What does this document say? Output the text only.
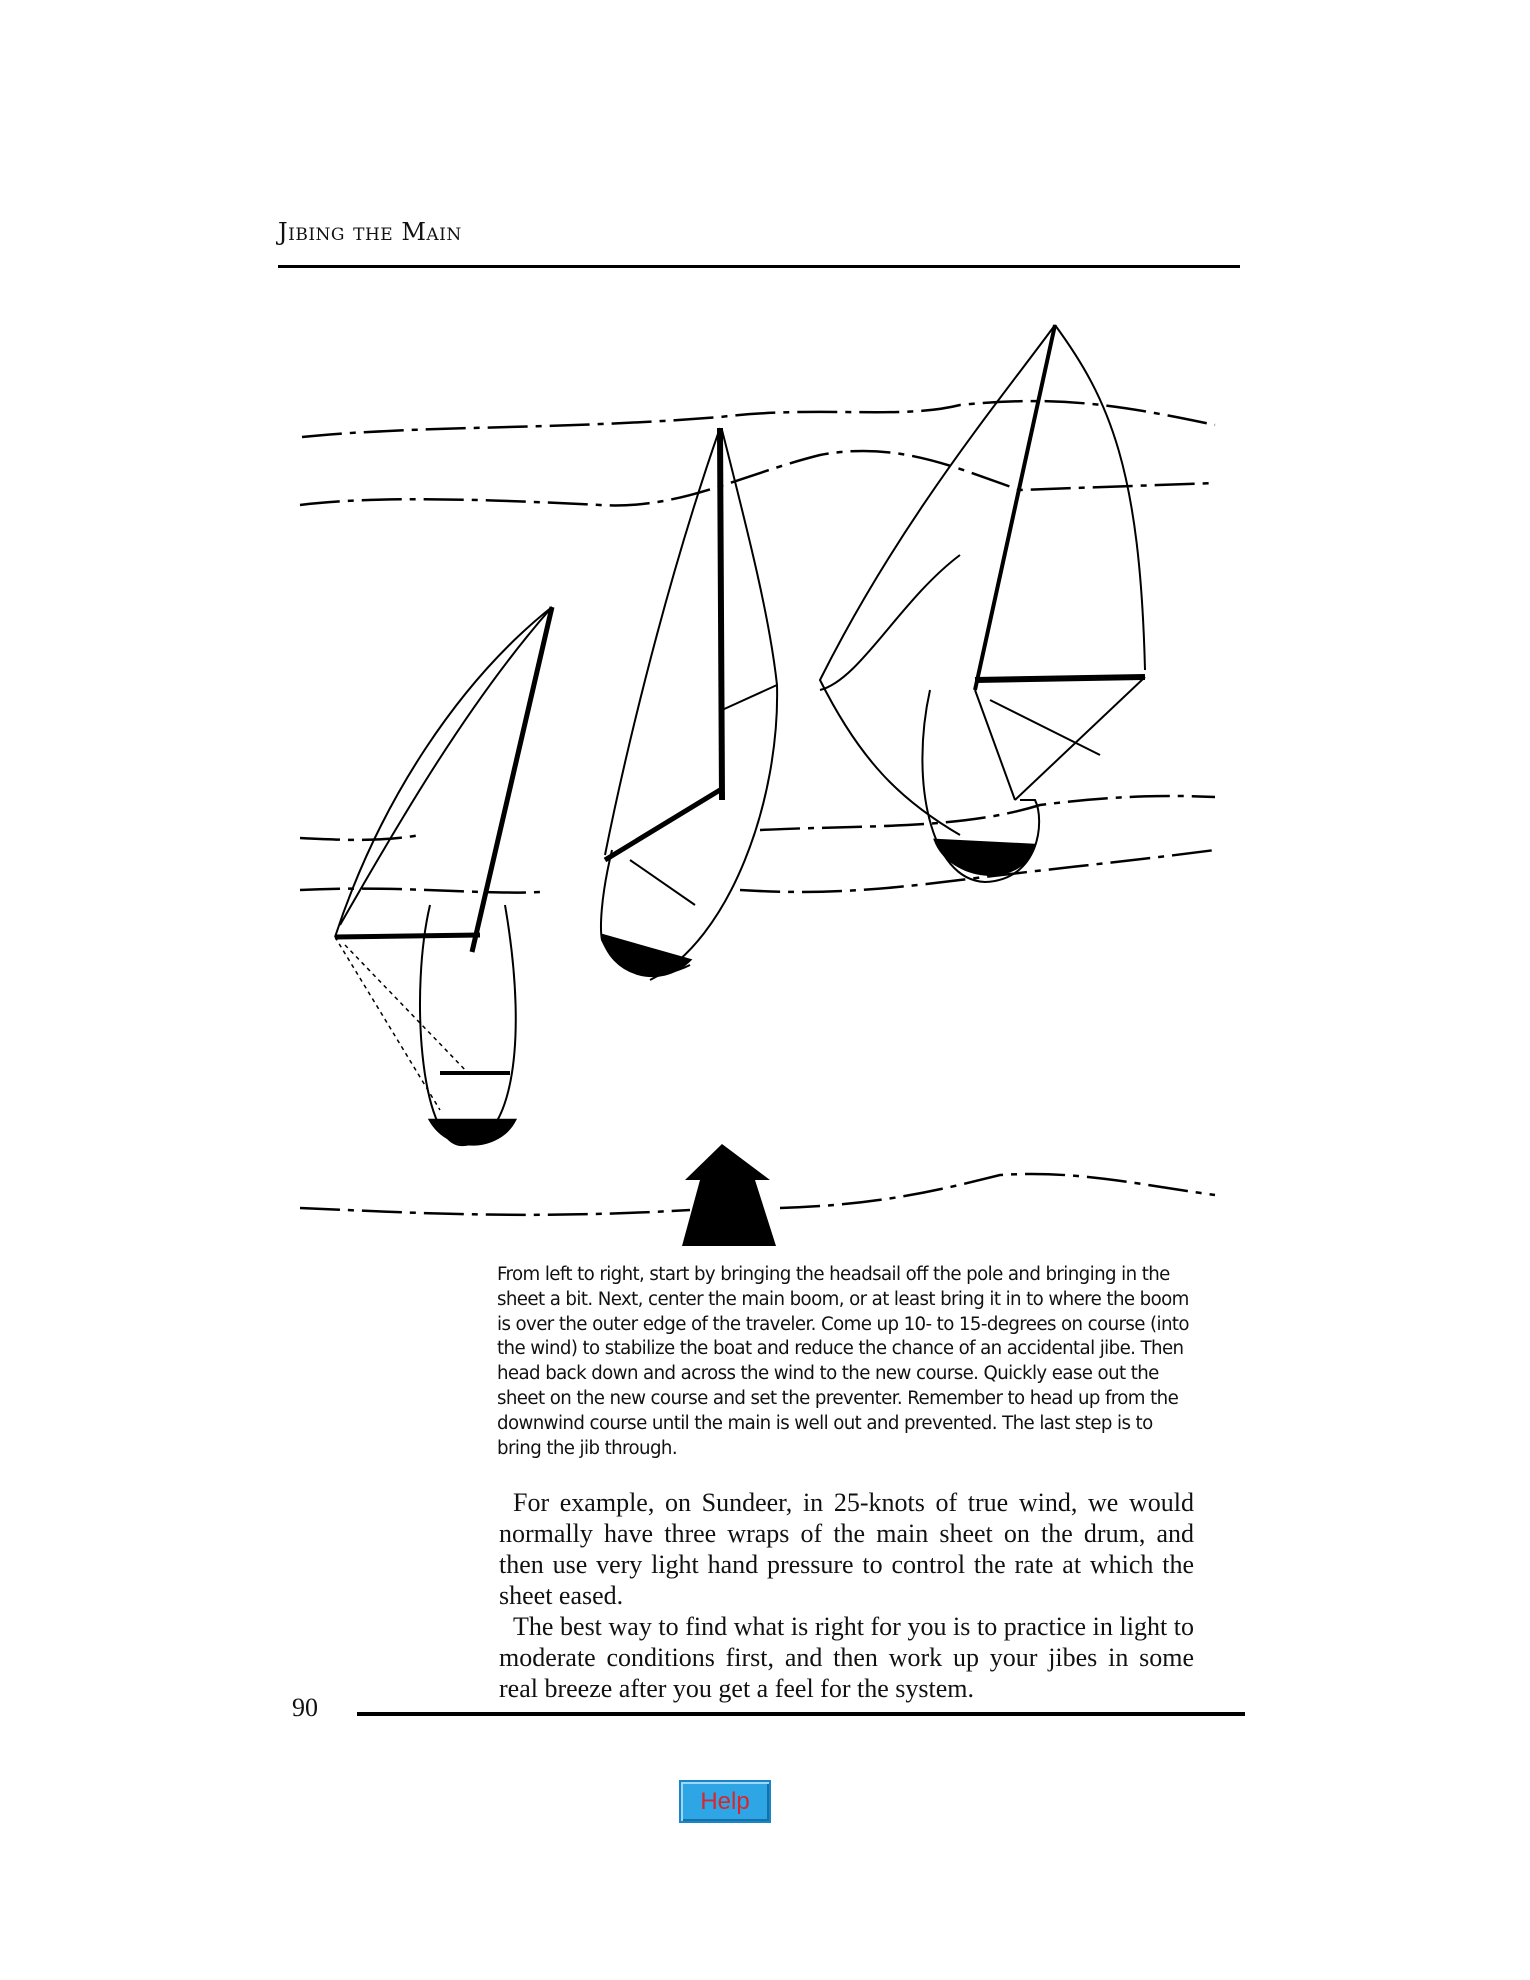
Jibing the Main
From left to right, start by bringing the headsail off the pole and bringing in the sheet a bit. Next, center the main boom, or at least bring it in to where the boom is over the outer edge of the traveler. Come up 10- to 15-degrees on course (into the wind) to stabilize the boat and reduce the chance of an accidental jibe. Then head back down and across the wind to the new course. Quickly ease out the sheet on the new course and set the preventer. Remember to head up from the downwind course until the main is well out and prevented. The last step is to bring the jib through.

For example, on Sundeer, in 25-knots of true wind, we would normally have three wraps of the main sheet on the drum, and then use very light hand pressure to control the rate at which the sheet eased.

The best way to find what is right for you is to practice in light to moderate conditions first, and then work up your jibes in some real breeze after you get a feel for the system.

90
Help
